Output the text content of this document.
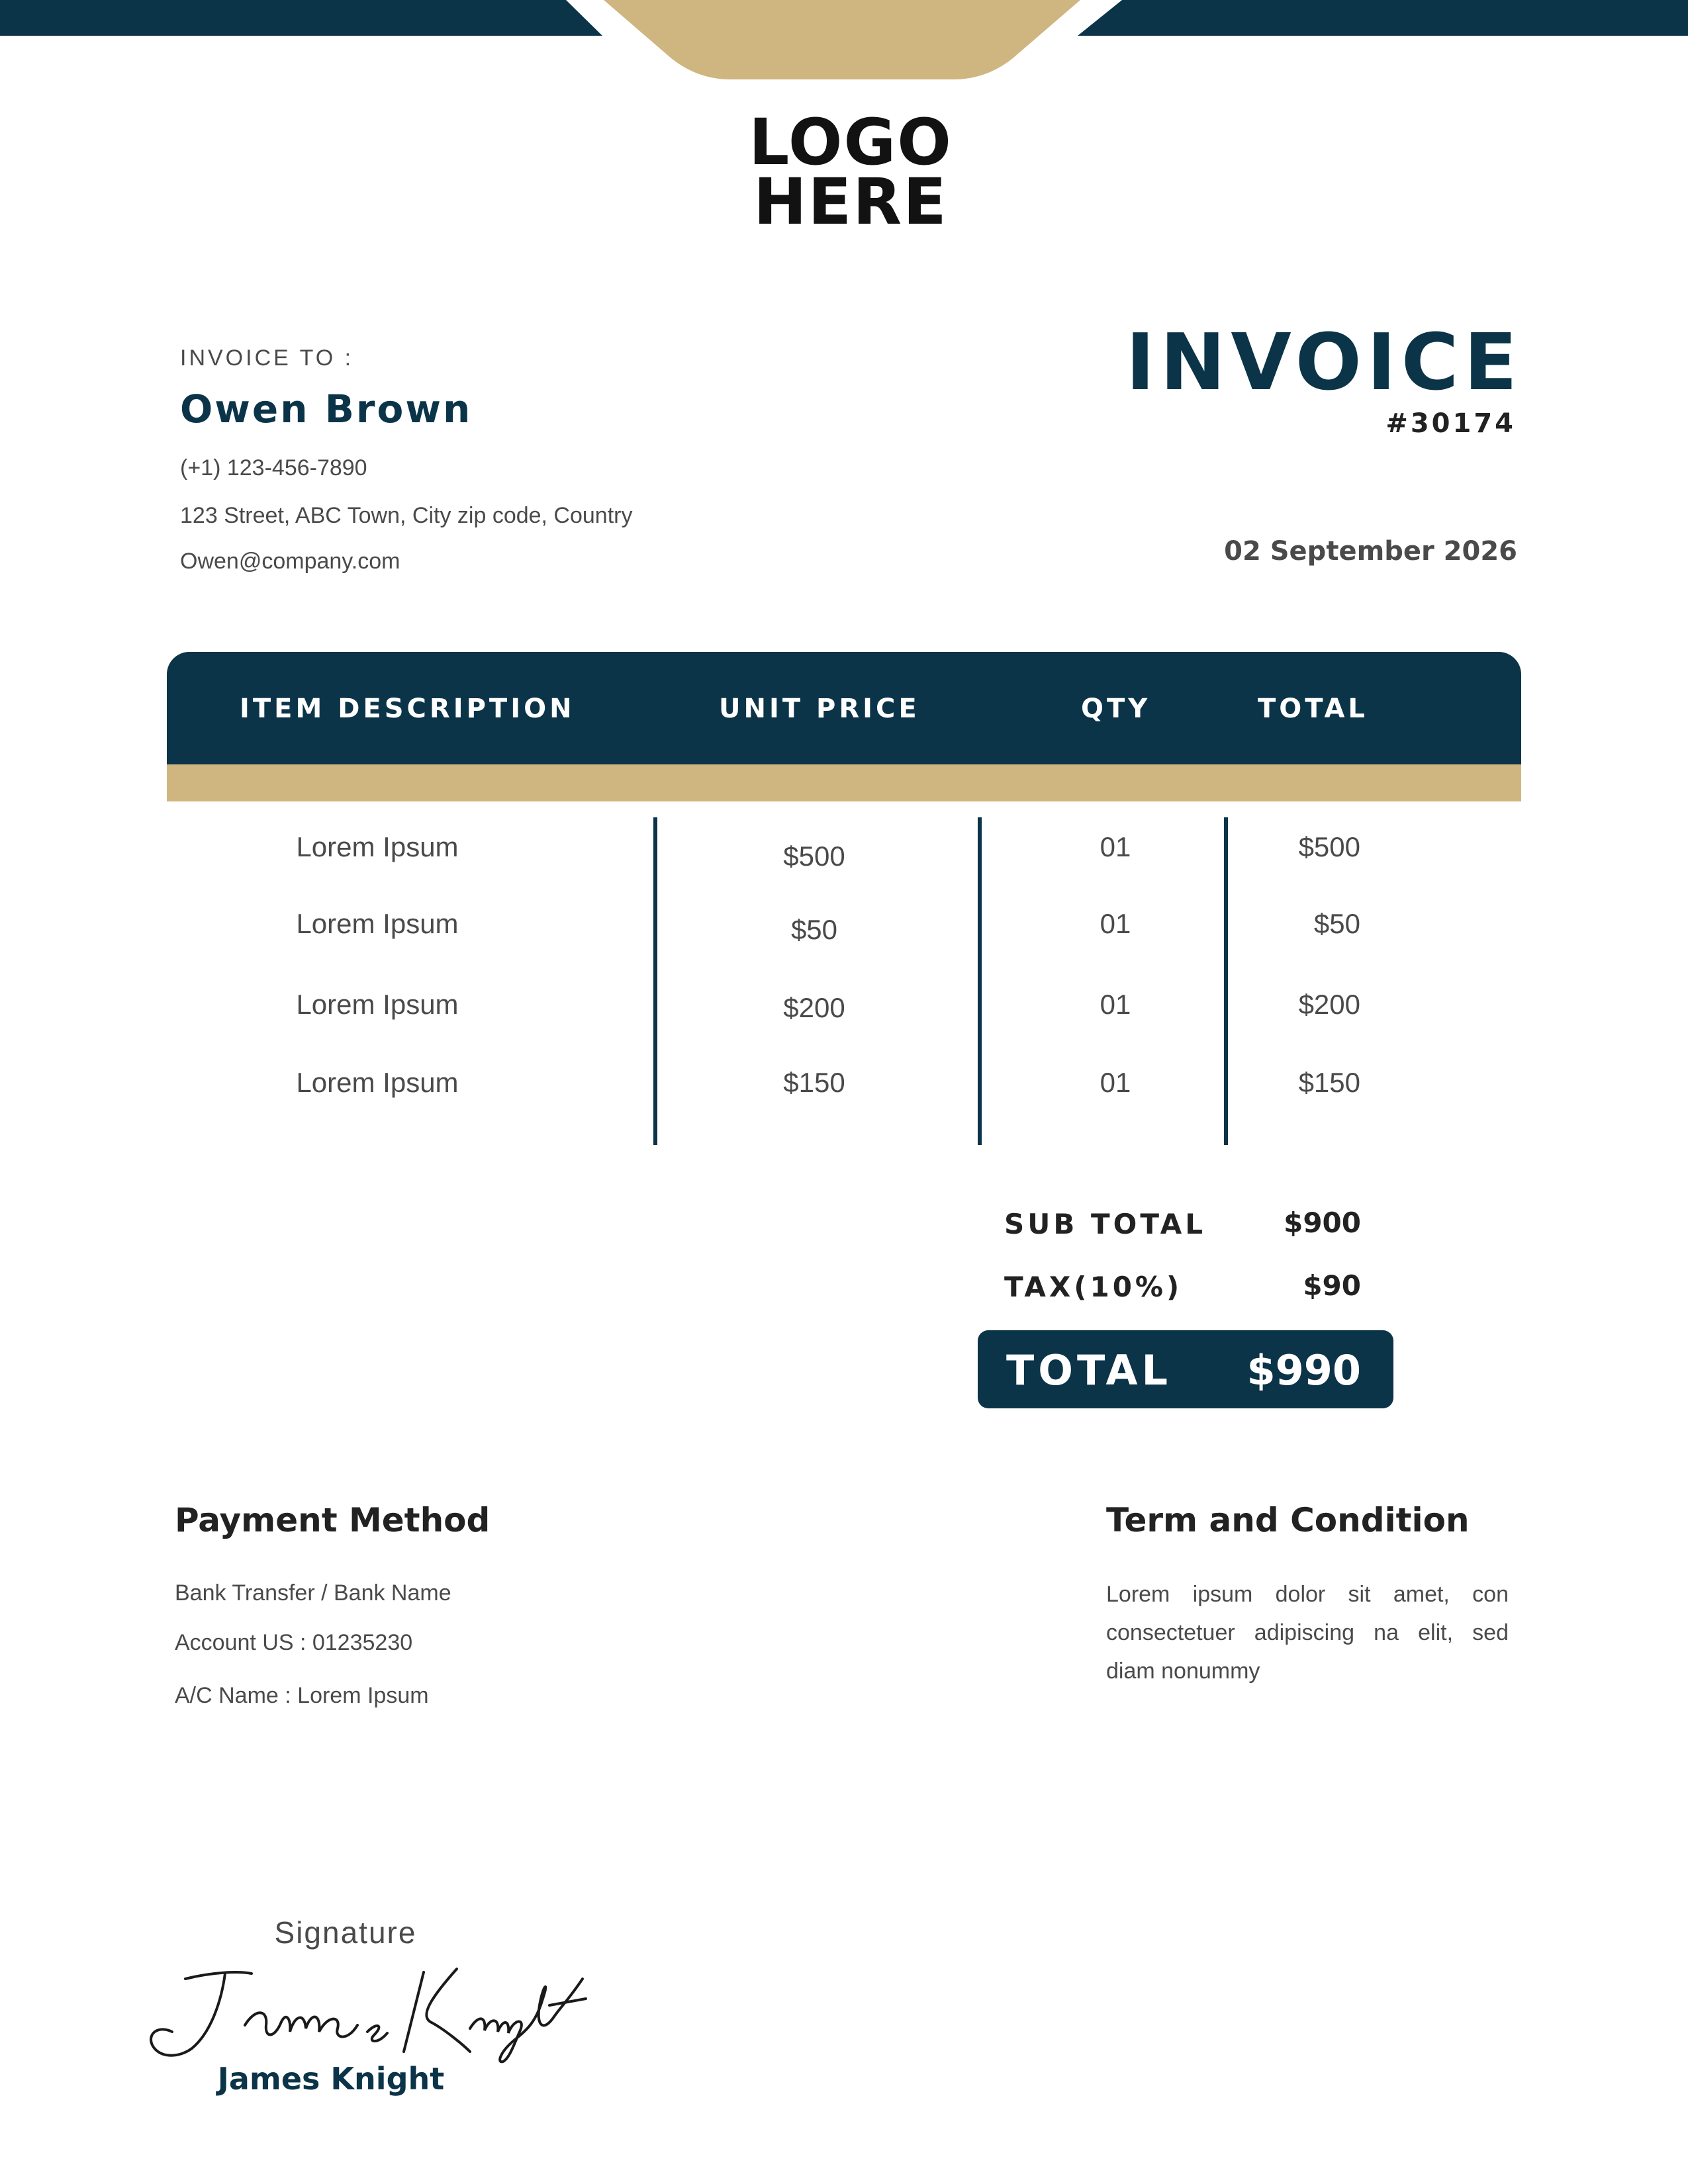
LOGO
HERE
INVOICE TO :
Owen Brown
(+1) 123-456-7890
123 Street, ABC Town, City zip code, Country
Owen@company.com
INVOICE
#30174
02 September 2026
ITEM DESCRIPTION	UNIT PRICE	QTY	TOTAL
Lorem Ipsum	$500	01	$500
Lorem Ipsum	$50	01	$50
Lorem Ipsum	$200	01	$200
Lorem Ipsum	$150	01	$150
SUB TOTAL	$900
TAX(10%)	$90
TOTAL	$990
Payment Method
Bank Transfer / Bank Name
Account US : 01235230
A/C Name : Lorem Ipsum
Term and Condition
Lorem ipsum dolor sit amet, con consectetuer adipiscing na elit, sed diam nonummy
Signature
James Knight
